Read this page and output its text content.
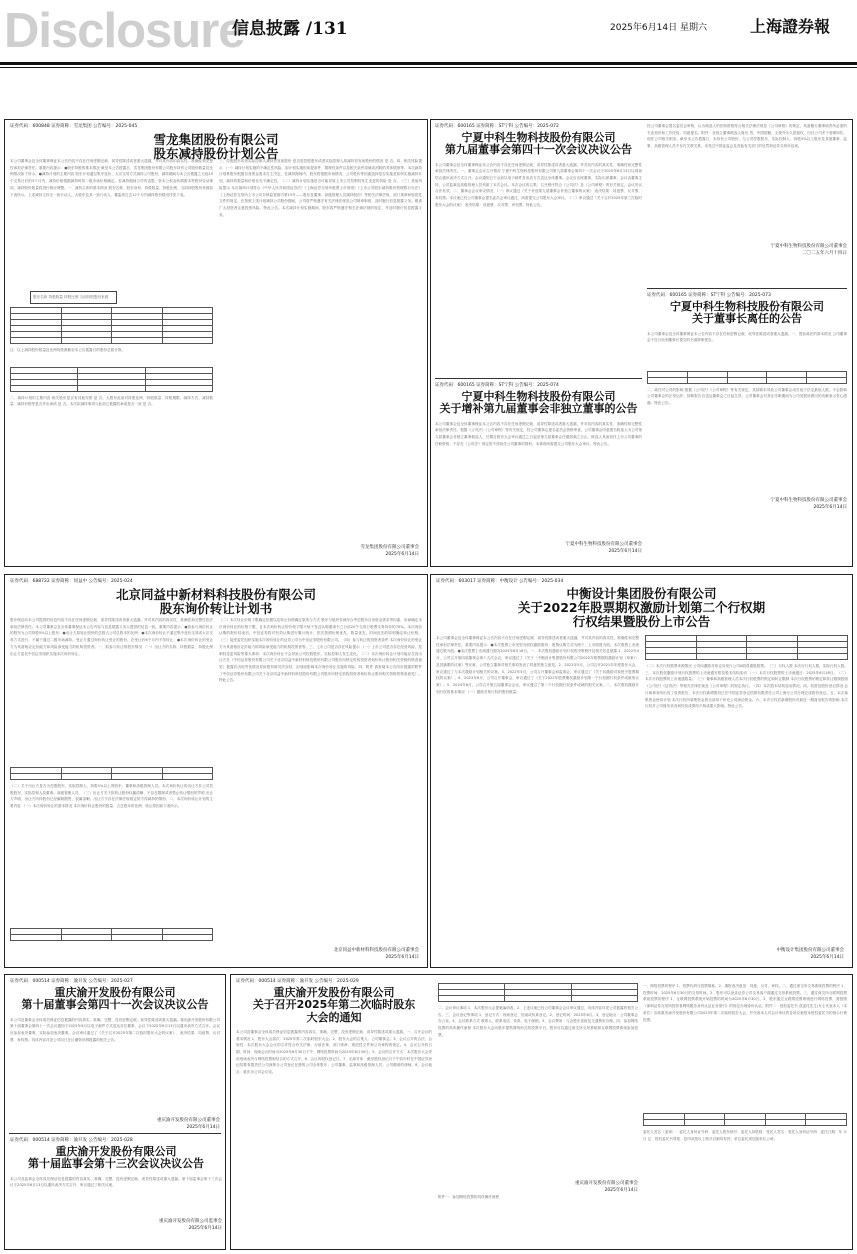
Disclosure
信息披露 /131	2025年6月14日 星期六	上海證券報
证券代码：600848 证券简称：雪龙集团 公告编号：2025-045
雪龙集团股份有限公司
股东减持股份计划公告
本公司董事会及全体董事保证本公告内容不存在任何虚假记载、误导性陈述或者重大遗漏，并对其内容的真实性、准确性和完整性承担法律责任。重要内容提示：●股东持股的基本情况 截至本公告披露日，雪龙集团股份有限公司股东持有公司股份数量及比例情况如下所示。●减持计划的主要内容 股东计划通过集中竞价、大宗交易方式减持公司股份，减持期间为本公告披露之日起15个交易日后的3个月内，减持价格根据减持时的二级市场价格确定。若减持期间公司有送股、资本公积金转增股本等股份变动事项，减持股份数量将进行相应调整。一、减持主体的基本情况 股东名称、股东身份、持股数量、持股比例、当前持股股份来源如下表所示。上述减持主体无一致行动人。大股东及其一致行动人、董监高过去12个月内减持股份情况详见下表。
股东名称 持股数量 持股比例 当前持股股份来源

注：以上减持股份数量及比例均按照截至本公告披露日的股份总数计算。

二、减持计划的主要内容 相关股东是否有其他安排 是 否。大股东此前对持股比例、持股数量、持股期限、减持方式、减持数量、减持价格等是否作出承诺 是 否。本次拟减持事项与此前已披露的承诺是否一致 是 否。
三、控股股东或者实际控制人减持首发前股份 是否是控股股东或者实际控制人拟减持首发前股份的情况 是 否。四、相关风险提示 （一）减持计划实施的不确定性风险，如计划实施的前提条件、限制性条件以及相关条件成就或消除的具体情形等。本次减持计划系股东根据自身资金需求自主决定，在减持期间内，股东将根据市场情况、公司股价等因素选择是否实施及如何实施减持计划，减持的数量和价格存在不确定性。（二）减持计划实施是否可能导致上市公司控制权发生变更的风险 是 否。（三）其他风险提示 本次减持计划符合《中华人民共和国证券法》《上海证券交易所股票上市规则》《上市公司股东减持股份管理暂行办法》《上海证券交易所上市公司自律监管指引第15号——股东及董事、高级管理人员减持股份》等相关法律法规、部门规章和规范性文件的规定。在按照上述计划减持公司股份期间，公司将严格遵守有关法律法规及公司规章制度，及时履行信息披露义务。敬请广大投资者注意投资风险。特此公告。本次减持计划实施期间，股东将严格遵守相关法律法规的规定，并及时履行信息披露义务。
雪龙集团股份有限公司董事会
2025年6月14日
证券代码：600165 证券简称：ST宁科 公告编号：2025-072
宁夏中科生物科技股份有限公司
第九届董事会第四十一次会议决议公告
本公司董事会及全体董事保证本公告内容不存在任何虚假记载、误导性陈述或者重大遗漏，并对其内容的真实性、准确性和完整性承担法律责任。一、董事会会议召开情况 宁夏中科生物科技股份有限公司第九届董事会第四十一次会议于2025年6月13日以现场结合通讯表决方式召开。会议通知已于会前以电子邮件及电话方式送达全体董事。会议应出席董事、实际出席董事，会议由董事主持，公司监事及高级管理人员列席了本次会议。本次会议的召集、召开程序符合《公司法》及《公司章程》的有关规定，会议决议合法有效。二、董事会会议审议情况 （一）审议通过《关于补选第九届董事会非独立董事的议案》 表决结果：同意票、反对票、弃权票。本议案已经公司董事会提名委员会审议通过，尚需提交公司股东大会审议。（二）审议通过《关于召开2025年第三次临时股东大会的议案》 表决结果：同意票、反对票、弃权票。特此公告。
证券代码：600165 证券简称：ST宁科 公告编号：2025-074
宁夏中科生物科技股份有限公司
关于增补第九届董事会非独立董事的公告
本公司董事会及全体董事保证本公告内容不存在任何虚假记载、误导性陈述或者重大遗漏，并对其内容的真实性、准确性和完整性承担法律责任。根据《公司法》《公司章程》等有关规定，经公司董事会提名委员会资格审查，公司董事会同意提名候选人为公司第九届董事会非独立董事候选人，任期自股东大会审议通过之日起至第九届董事会任期届满之日止。候选人具备担任上市公司董事的任职资格，不存在《公司法》规定的不得担任公司董事的情形。本事项尚需提交公司股东大会审议。特此公告。
宁夏中科生物科技股份有限公司董事会
2025年6月14日
经公司董事会提名委员会审核，认为候选人的任职资格符合相关法律法规及《公司章程》的规定，具备履行董事职责所必需的专业知识和工作经验，同意提名。附件：非独立董事候选人简历 男，中国国籍，无境外永久居留权，历任公司多个管理岗位，现任公司相关职务。截至本公告披露日，未持有公司股份，与公司控股股东、实际控制人、持股5%以上股东及其他董事、监事、高级管理人员不存在关联关系，未受过中国证监会及其他有关部门的处罚和证券交易所惩戒。
宁夏中科生物科技股份有限公司董事会
二〇二五年六月十四日
证券代码：600165 证券简称：ST宁科 公告编号：2025-073
宁夏中科生物科技股份有限公司
关于董事长离任的公告
本公司董事会及全体董事保证本公告内容不存在任何虚假记载、误导性陈述或者重大遗漏。一、提前离任的基本情况 公司董事会于近日收到董事长提交的书面辞职报告。

二、离任对公司的影响 根据《公司法》《公司章程》等有关规定，其辞职未导致公司董事会成员低于法定最低人数，不会影响公司董事会的正常运作，辞职报告自送达董事会之日起生效。公司董事会对其在任职期间为公司发展所做出的贡献表示衷心感谢。特此公告。
宁夏中科生物科技股份有限公司董事会
2025年6月14日
证券代码：688722 证券简称：同益中 公告编号：2025-024
北京同益中新材料科技股份有限公司
股东询价转让计划书
股东保证向本公司提供的信息内容不存在任何虚假记载、误导性陈述或者重大遗漏，并对其内容的真实性、准确性和完整性依法承担法律责任。本公司董事会及全体董事保证本公告内容与信息披露义务人提供的信息一致。重要内容提示：●拟参与询价转让的股东为公司持股5%以上股东；●出让方拟转让股份的总数占公司总股本的比例；●本次询价转让不通过集中竞价交易或大宗交易方式进行，不属于通过二级市场减持。受让方通过询价转让受让的股份，在受让后6个月内不得转让；●本次询价转让的受让方为具备相应定价能力和风险承受能力的机构投资者。一、拟参与转让的股东情况 （一）出让方的名称、持股数量、持股比例 出让方委托中信证券组织实施本次询价转让。

（二）关于出让方是否为控股股东、实际控制人、持股5%以上的股东、董事和高级管理人员。本次询价转让的出让方非公司控股股东、实际控制人及董事、高级管理人员。（三）出让方关于拟转让股份权属清晰、不存在限制或者禁止转让情形的声明 出让方声明，出让方所持股份已经解除限售，权属清晰。出让方不存在法律法规规定的不得减持的情形。二、本次询价转让计划的主要内容 （一）本次询价转让的基本情况 本次询价转让股份的数量、占总股本的比例、转让原因如下表所示。

（二）本次转让价格下限确定依据以及转让价格确定原则与方式 股东与组织券商综合考虑股东自身资金需求等因素，协商确定本次询价转让的价格下限，且本次询价转让的价格下限不低于发送认购邀请书之日前20个交易日股票交易均价的70%。本次询价认购的报价结束后，中信证券将对有效认购进行累计统计，依次按照价格优先、数量优先、时间优先的原则确定转让价格。（三）接受委托组织实施本次询价转让的证券公司为中信证券股份有限公司。（四）参与转让的投资者条件 本次询价转让的受让方为具备相应定价能力和风险承受能力的机构投资者等。三、上市公司是否存在风险提示 （一）上市公司是否存在经营风险、控制权变更风险等重大事项：本次询价转让不会导致公司控股股东、实际控制人发生变化。（二）本次询价转让计划可能存在因出让方在《中信证券股份有限公司关于北京同益中新材料科技股份有限公司股东向特定机构投资者询价转让股份相关资格的核查意见》披露后出现突发情况导致股份被司法冻结、扣划而影响本次询价转让实施的风险。四、附件 请查阅本公告同步披露的附件《中信证券股份有限公司关于北京同益中新材料科技股份有限公司股东向特定机构投资者询价转让股份相关资格的核查意见》。特此公告。
北京同益中新材料科技股份有限公司董事会
2025年6月14日
证券代码：603017 证券简称：中衡设计 公告编号：2025-034
中衡设计集团股份有限公司
关于2022年股票期权激励计划第二个行权期
行权结果暨股份上市公告
本公司董事会及全体董事保证本公告内容不存在任何虚假记载、误导性陈述或者重大遗漏，并对其内容的真实性、准确性和完整性承担法律责任。重要内容提示：●本次股票上市类型为股权激励股份；股票认购方式为网下，上市股数为股。本次股票上市流通总数为股。●本次股票上市流通日期为2025年6月18日。一、本次股权激励计划行权的决策程序及相关信息披露 1、2022年4月，公司召开第四届董事会第十五次会议，审议通过了《关于〈中衡设计集团股份有限公司2022年股票期权激励计划（草案）〉及其摘要的议案》等议案，公司独立董事对相关事项发表了同意的独立意见。2、2022年5月，公司召开2021年年度股东大会，审议通过了与本次激励计划相关的议案。3、2022年5月，公司召开董事会和监事会，审议通过了《关于向激励对象授予股票期权的议案》。4、2023年6月，公司召开董事会，审议通过了《关于2022年股票期权激励计划第一个行权期行权条件成就的议案》。5、2024年6月，公司召开第五届董事会会议，审议通过了第二个行权期行权条件成就的相关议案。二、本次股权激励计划行权的基本情况 （一）激励对象行权的股份数量。

（二）本次行权股票来源情况 公司向激励对象定向发行公司A股普通股股票。（三）行权人数 本次可行权人数，实际行权人数。三、本次股权激励计划行权股票的上市流通安排及股本结构变动 （一）本次行权股票的上市流通日：2025年6月18日。（二）本次行权股票的上市流通数量。（三）董事和高级管理人员本次行权股票的锁定和转让限制 本次行权股票的锁定和转让限制按照《公司法》《证券法》等相关法律法规及《公司章程》的规定执行。（四）本次股本结构变动情况。四、验资及股份登记情况 会计师事务所出具了验资报告，本次行权新增股份已在中国证券登记结算有限责任公司上海分公司办理完成股份登记。五、本次募集资金使用计划 本次行权所募集资金将全部用于补充公司流动资金。六、本次行权后新增股份对最近一期财务报告的影响 本次行权对公司财务状况和经营成果均不构成重大影响。特此公告。
中衡设计集团股份有限公司董事会
2025年6月14日
证券代码：000514 证券简称：渝开发 公告编号：2025-027
重庆渝开发股份有限公司
第十届董事会第四十一次会议决议公告
本公司及董事会全体成员保证信息披露的内容真实、准确、完整，没有虚假记载、误导性陈述或重大遗漏。重庆渝开发股份有限公司第十届董事会第四十一次会议通知于2025年6月以电子邮件方式送达各位董事，会议于2025年6月13日以通讯表决方式召开。会议应参加表决董事，实际参加表决董事。会议审议通过了《关于召开2025年第二次临时股东大会的议案》，表决结果：同意票、反对票、弃权票。具体内容详见公司同日在巨潮资讯网披露的相关公告。
重庆渝开发股份有限公司董事会
2025年6月14日
证券代码：000514 证券简称：渝开发 公告编号：2025-028
重庆渝开发股份有限公司
第十届监事会第十三次会议决议公告
本公司及监事会全体成员保证信息披露的内容真实、准确、完整，没有虚假记载、误导性陈述或重大遗漏。第十届监事会第十三次会议于2025年6月13日以通讯表决方式召开，审议通过了相关议案。
重庆渝开发股份有限公司监事会
2025年6月14日
证券代码：000514 证券简称：渝开发 公告编号：2025-029
重庆渝开发股份有限公司
关于召开2025年第二次临时股东
大会的通知
本公司及董事会全体成员保证信息披露的内容真实、准确、完整，没有虚假记载、误导性陈述或重大遗漏。一、召开会议的基本情况 1、股东大会届次：2025年第二次临时股东大会。2、股东大会的召集人：公司董事会。3、会议召开的合法、合规性：本次股东大会会议的召开符合有关法律、行政法规、部门规章、规范性文件和公司章程的规定。4、会议召开的日期、时间：现场会议时间为2025年6月30日下午；网络投票时间为2025年6月30日。5、会议的召开方式：本次股东大会采用现场表决与网络投票相结合的方式召开。6、会议的股权登记日。7、出席对象：截至股权登记日下午收市时在中国证券登记结算有限责任公司深圳分公司登记在册的公司全体股东；公司董事、监事和高级管理人员；公司聘请的律师。8、会议地点：重庆市公司会议室。

二、会议审议事项 1、本次股东大会提案编码表。2、上述议案已经公司董事会会议审议通过，具体内容详见公司披露的相关公告。三、会议登记等事项 1、登记方式：现场登记、信函或传真登记。2、登记时间：2025年6月。3、登记地点：公司董事会办公室。4、会议联系方式 联系人、联系电话、传真、电子邮箱。5、会议费用：与会股东食宿及交通费用自理。四、参加网络投票的具体操作流程 本次股东大会向股东提供网络形式的投票平台，股东可以通过深交所交易系统和互联网投票系统参加投票。
重庆渝开发股份有限公司董事会
2025年6月14日
附件一：参加网络投票的具体操作流程
一、网络投票的程序 1、投票代码与投票简称。2、填报表决意见：同意、反对、弃权。二、通过深交所交易系统投票的程序 1、投票时间：2025年6月30日的交易时间。2、股东可以登录证券公司交易客户端通过交易系统投票。三、通过深交所互联网投票系统投票的程序 1、互联网投票系统开始投票的时间为2025年6月30日。2、股东通过互联网投票系统进行网络投票，需按照《深圳证券交易所投资者网络服务身份认证业务指引》的规定办理身份认证。附件二：授权委托书 兹委托先生/女士代表本人（本单位）出席重庆渝开发股份有限公司2025年第二次临时股东大会，并代表本人对会议审议的各项议案按本授权委托书的指示行使投票。

委托人签名（盖章）：委托人身份证号码：委托人股东账号：委托人持股数：受托人签名：受托人身份证号码：委托日期：年 月 日 注：授权委托书剪报、复印或按以上格式自制均有效；单位委托须加盖单位公章。
